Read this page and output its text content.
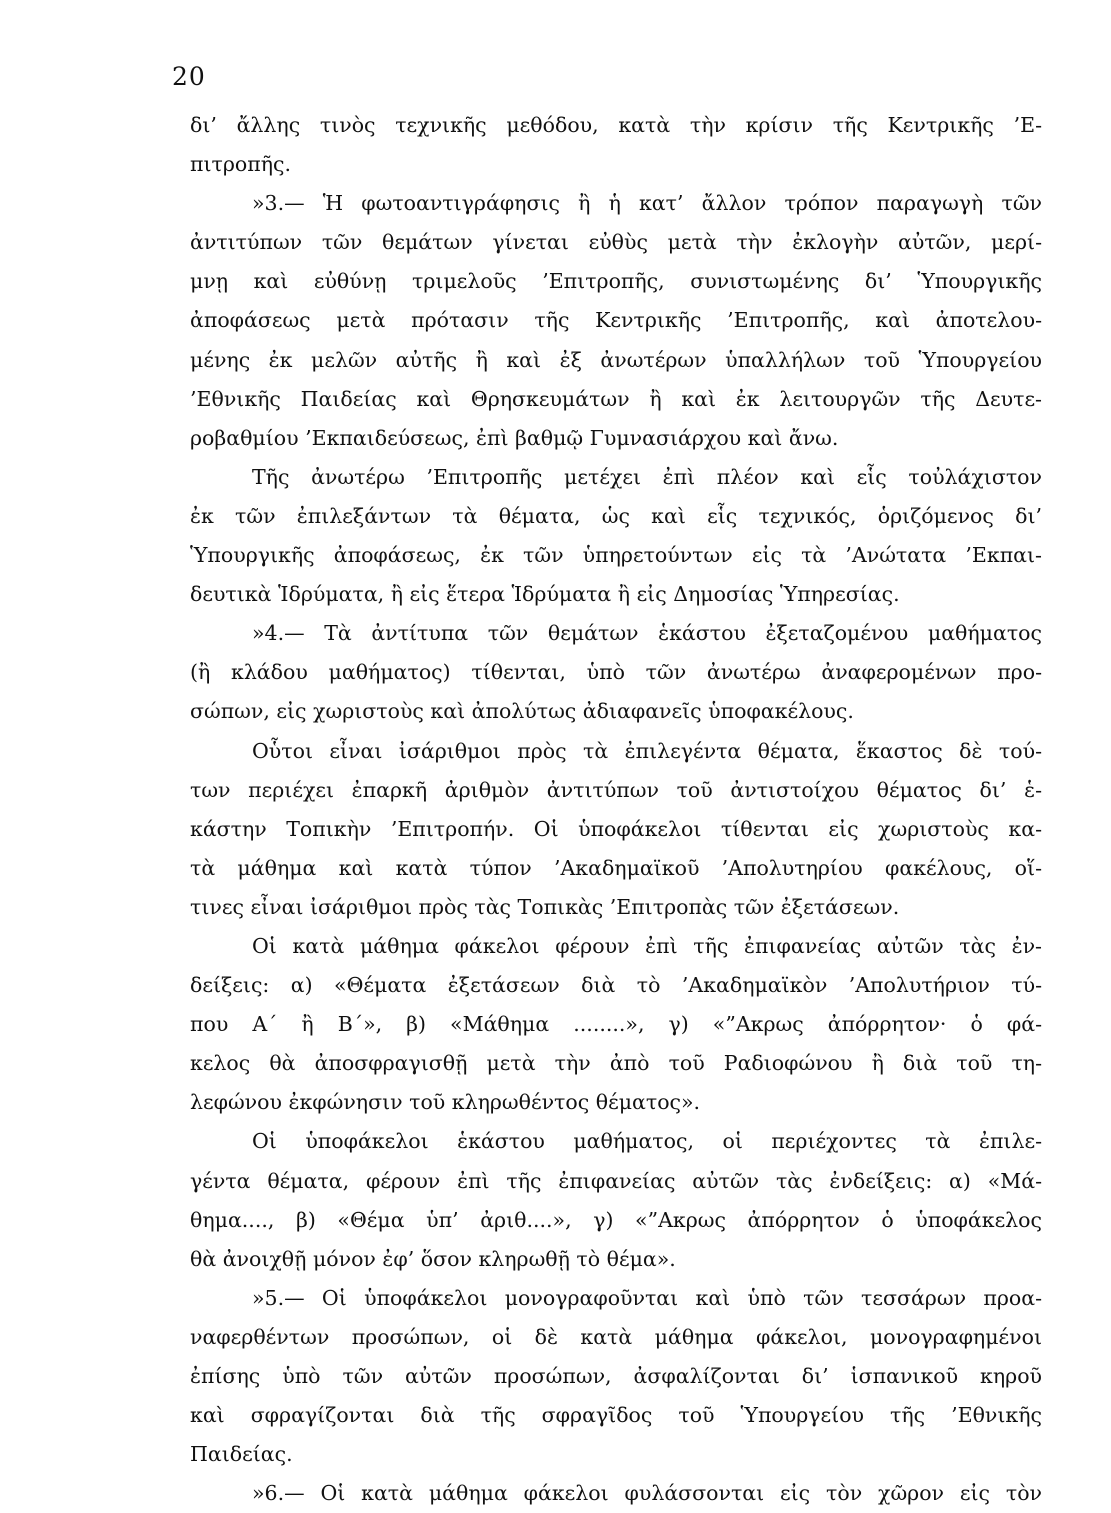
20
δι’ ἄλλης τινὸς τεχνικῆς μεθόδου, κατὰ τὴν κρίσιν τῆς Κεντρικῆς ’Ε-
πιτροπῆς.
»3.— Ἡ φωτοαντιγράφησις ἢ ἡ κατ’ ἄλλον τρόπον παραγωγὴ τῶν
ἀντιτύπων τῶν θεμάτων γίνεται εὐθὺς μετὰ τὴν ἐκλογὴν αὐτῶν, μερί-
μνῃ καὶ εὐθύνῃ τριμελοῦς ’Επιτροπῆς, συνιστωμένης δι’ Ὑπουργικῆς
ἀποφάσεως μετὰ πρότασιν τῆς Κεντρικῆς ’Επιτροπῆς, καὶ ἀποτελου-
μένης ἐκ μελῶν αὐτῆς ἢ καὶ ἐξ ἀνωτέρων ὑπαλλήλων τοῦ Ὑπουργείου
’Εθνικῆς Παιδείας καὶ Θρησκευμάτων ἢ καὶ ἐκ λειτουργῶν τῆς Δευτε-
ροβαθμίου ’Εκπαιδεύσεως, ἐπὶ βαθμῷ Γυμνασιάρχου καὶ ἄνω.
Τῆς ἀνωτέρω ’Επιτροπῆς μετέχει ἐπὶ πλέον καὶ εἷς τοὐλάχιστον
ἐκ τῶν ἐπιλεξάντων τὰ θέματα, ὡς καὶ εἷς τεχνικός, ὁριζόμενος δι’
Ὑπουργικῆς ἀποφάσεως, ἐκ τῶν ὑπηρετούντων εἰς τὰ ’Ανώτατα ’Εκπαι-
δευτικὰ Ἱδρύματα, ἢ εἰς ἕτερα Ἱδρύματα ἢ εἰς Δημοσίας Ὑπηρεσίας.
»4.— Τὰ ἀντίτυπα τῶν θεμάτων ἑκάστου ἐξεταζομένου μαθήματος
(ἢ κλάδου μαθήματος) τίθενται, ὑπὸ τῶν ἀνωτέρω ἀναφερομένων προ-
σώπων, εἰς χωριστοὺς καὶ ἀπολύτως ἀδιαφανεῖς ὑποφακέλους.
Οὗτοι εἶναι ἰσάριθμοι πρὸς τὰ ἐπιλεγέντα θέματα, ἕκαστος δὲ τού-
των περιέχει ἐπαρκῆ ἀριθμὸν ἀντιτύπων τοῦ ἀντιστοίχου θέματος δι’ ἑ-
κάστην Τοπικὴν ’Επιτροπήν. Οἱ ὑποφάκελοι τίθενται εἰς χωριστοὺς κα-
τὰ μάθημα καὶ κατὰ τύπον ’Ακαδημαϊκοῦ ’Απολυτηρίου φακέλους, οἵ-
τινες εἶναι ἰσάριθμοι πρὸς τὰς Τοπικὰς ’Επιτροπὰς τῶν ἐξετάσεων.
Οἱ κατὰ μάθημα φάκελοι φέρουν ἐπὶ τῆς ἐπιφανείας αὐτῶν τὰς ἐν-
δείξεις: α) «Θέματα ἐξετάσεων διὰ τὸ ’Ακαδημαϊκὸν ’Απολυτήριον τύ-
που Α΄ ἢ Β΄», β) «Μάθημα ........», γ) «”Ακρως ἀπόρρητον· ὁ φά-
κελος θὰ ἀποσφραγισθῇ μετὰ τὴν ἀπὸ τοῦ Ραδιοφώνου ἢ διὰ τοῦ τη-
λεφώνου ἐκφώνησιν τοῦ κληρωθέντος θέματος».
Οἱ ὑποφάκελοι ἑκάστου μαθήματος, οἱ περιέχοντες τὰ ἐπιλε-
γέντα θέματα, φέρουν ἐπὶ τῆς ἐπιφανείας αὐτῶν τὰς ἐνδείξεις: α) «Μά-
θημα...., β) «Θέμα ὑπ’ ἀριθ....», γ) «”Ακρως ἀπόρρητον ὁ ὑποφάκελος
θὰ ἀνοιχθῇ μόνον ἐφ’ ὅσον κληρωθῇ τὸ θέμα».
»5.— Οἱ ὑποφάκελοι μονογραφοῦνται καὶ ὑπὸ τῶν τεσσάρων προα-
ναφερθέντων προσώπων, οἱ δὲ κατὰ μάθημα φάκελοι, μονογραφημένοι
ἐπίσης ὑπὸ τῶν αὐτῶν προσώπων, ἀσφαλίζονται δι’ ἱσπανικοῦ κηροῦ
καὶ σφραγίζονται διὰ τῆς σφραγῖδος τοῦ Ὑπουργείου τῆς ’Εθνικῆς
Παιδείας.
»6.— Οἱ κατὰ μάθημα φάκελοι φυλάσσονται εἰς τὸν χῶρον εἰς τὸν
